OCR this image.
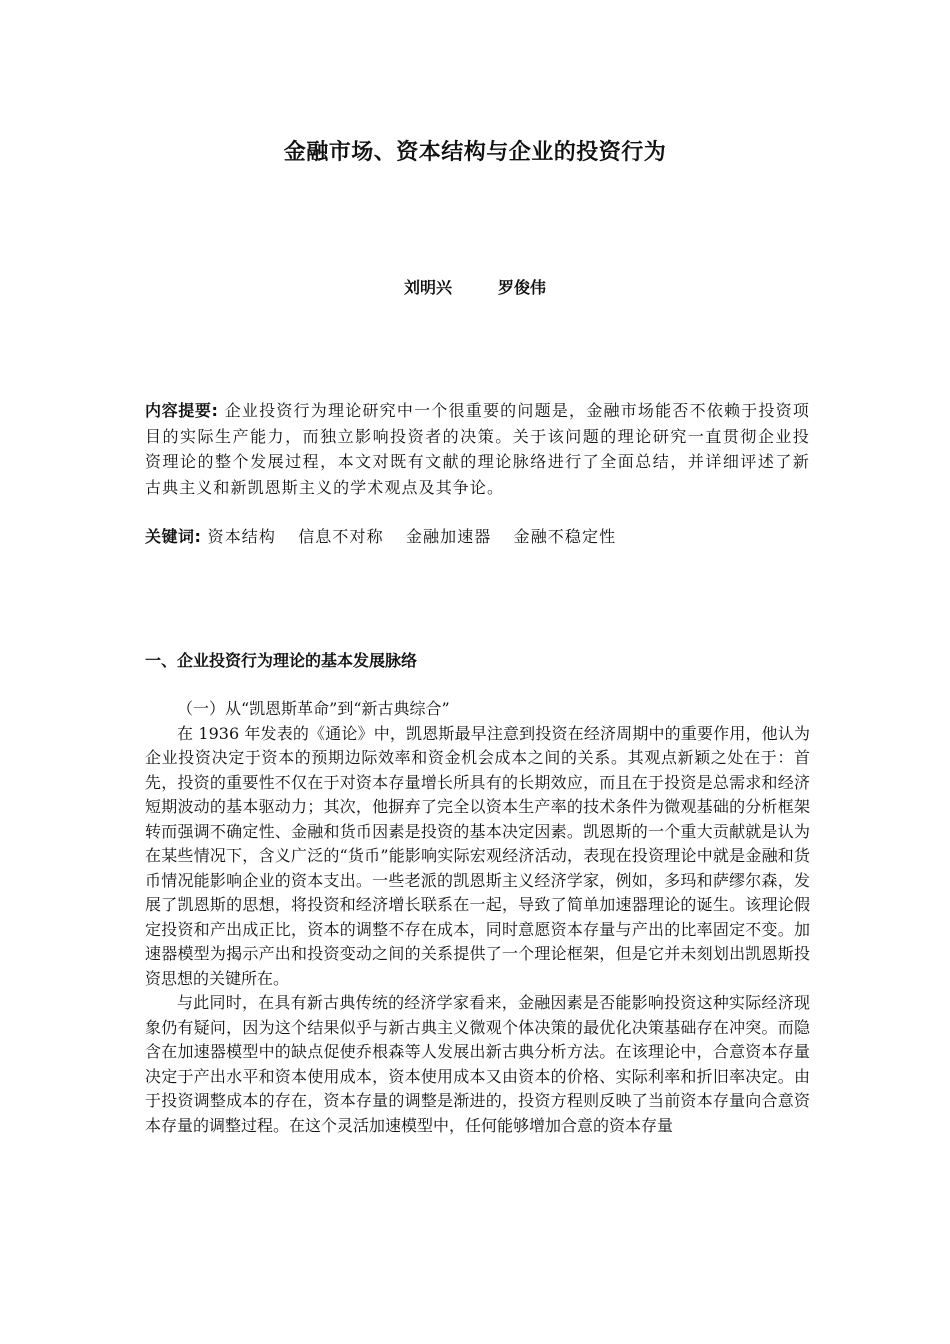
金融市场、资本结构与企业的投资行为
刘明兴	罗俊伟
内容提要: 企业投资行为理论研究中一个很重要的问题是，金融市场能否不依赖于投资项目的实际生产能力，而独立影响投资者的决策。关于该问题的理论研究一直贯彻企业投资理论的整个发展过程，本文对既有文献的理论脉络进行了全面总结，并详细评述了新古典主义和新凯恩斯主义的学术观点及其争论。
关键词: 资本结构 信息不对称 金融加速器 金融不稳定性
一、企业投资行为理论的基本发展脉络

（一）从“凯恩斯革命”到“新古典综合”

在 1936 年发表的《通论》中，凯恩斯最早注意到投资在经济周期中的重要作用，他认为企业投资决定于资本的预期边际效率和资金机会成本之间的关系。其观点新颖之处在于：首先，投资的重要性不仅在于对资本存量增长所具有的长期效应，而且在于投资是总需求和经济短期波动的基本驱动力；其次，他摒弃了完全以资本生产率的技术条件为微观基础的分析框架转而强调不确定性、金融和货币因素是投资的基本决定因素。凯恩斯的一个重大贡献就是认为在某些情况下，含义广泛的“货币”能影响实际宏观经济活动，表现在投资理论中就是金融和货币情况能影响企业的资本支出。一些老派的凯恩斯主义经济学家，例如，多玛和萨缪尔森，发展了凯恩斯的思想，将投资和经济增长联系在一起，导致了简单加速器理论的诞生。该理论假定投资和产出成正比，资本的调整不存在成本，同时意愿资本存量与产出的比率固定不变。加速器模型为揭示产出和投资变动之间的关系提供了一个理论框架，但是它并未刻划出凯恩斯投资思想的关键所在。

与此同时，在具有新古典传统的经济学家看来，金融因素是否能影响投资这种实际经济现象仍有疑问，因为这个结果似乎与新古典主义微观个体决策的最优化决策基础存在冲突。而隐含在加速器模型中的缺点促使乔根森等人发展出新古典分析方法。在该理论中，合意资本存量决定于产出水平和资本使用成本，资本使用成本又由资本的价格、实际利率和折旧率决定。由于投资调整成本的存在，资本存量的调整是渐进的，投资方程则反映了当前资本存量向合意资本存量的调整过程。在这个灵活加速模型中，任何能够增加合意的资本存量
